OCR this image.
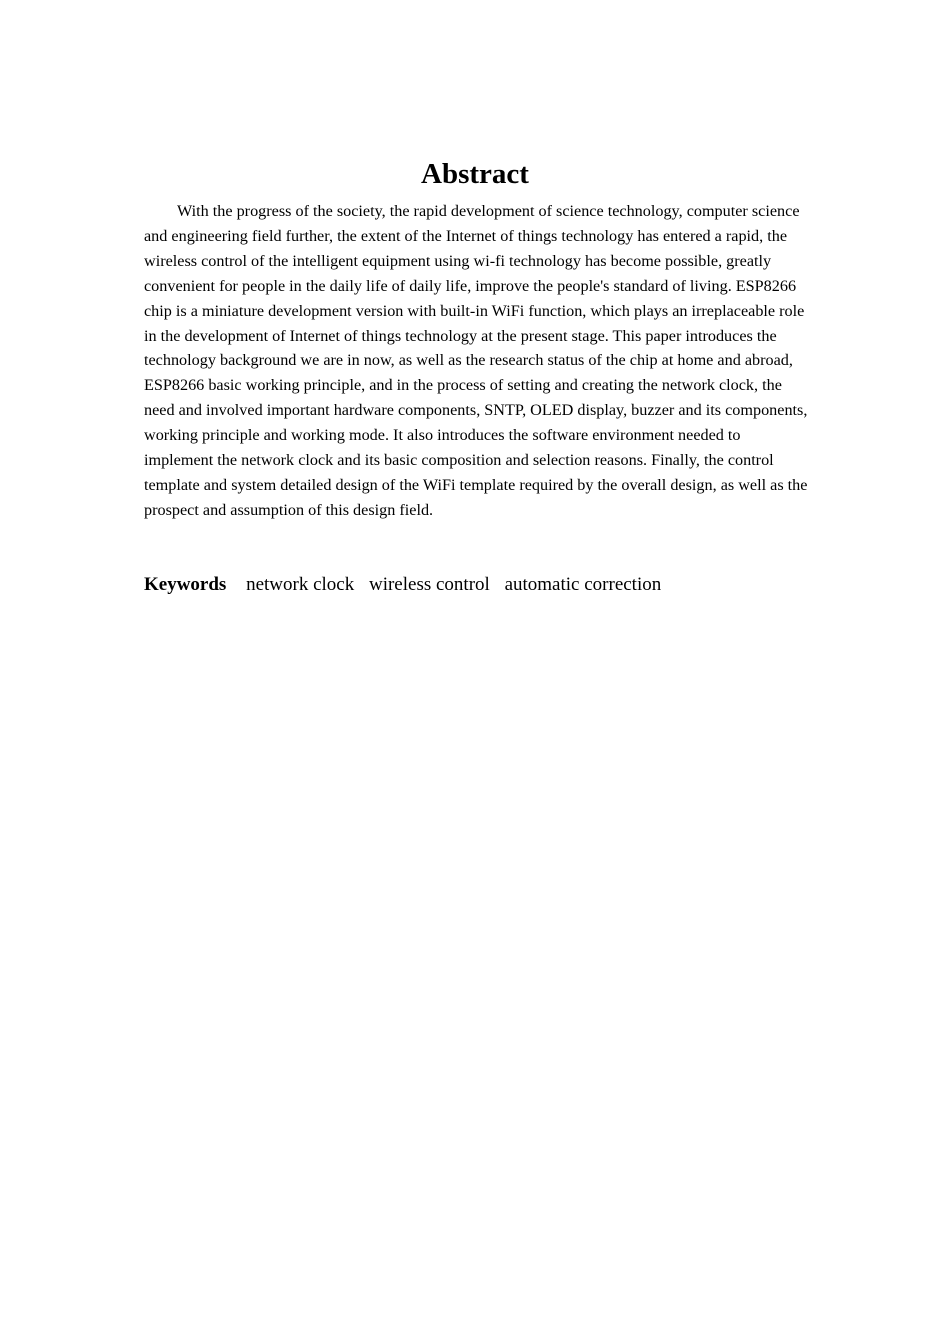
Abstract

With the progress of the society, the rapid development of science technology, computer science and engineering field further, the extent of the Internet of things technology has entered a rapid, the wireless control of the intelligent equipment using wi-fi technology has become possible, greatly convenient for people in the daily life of daily life, improve the people's standard of living. ESP8266 chip is a miniature development version with built-in WiFi function, which plays an irreplaceable role in the development of Internet of things technology at the present stage. This paper introduces the technology background we are in now, as well as the research status of the chip at home and abroad, ESP8266 basic working principle, and in the process of setting and creating the network clock, the need and involved important hardware components, SNTP, OLED display, buzzer and its components, working principle and working mode. It also introduces the software environment needed to implement the network clock and its basic composition and selection reasons. Finally, the control template and system detailed design of the WiFi template required by the overall design, as well as the prospect and assumption of this design field.

Keywords network clock wireless control automatic correction
